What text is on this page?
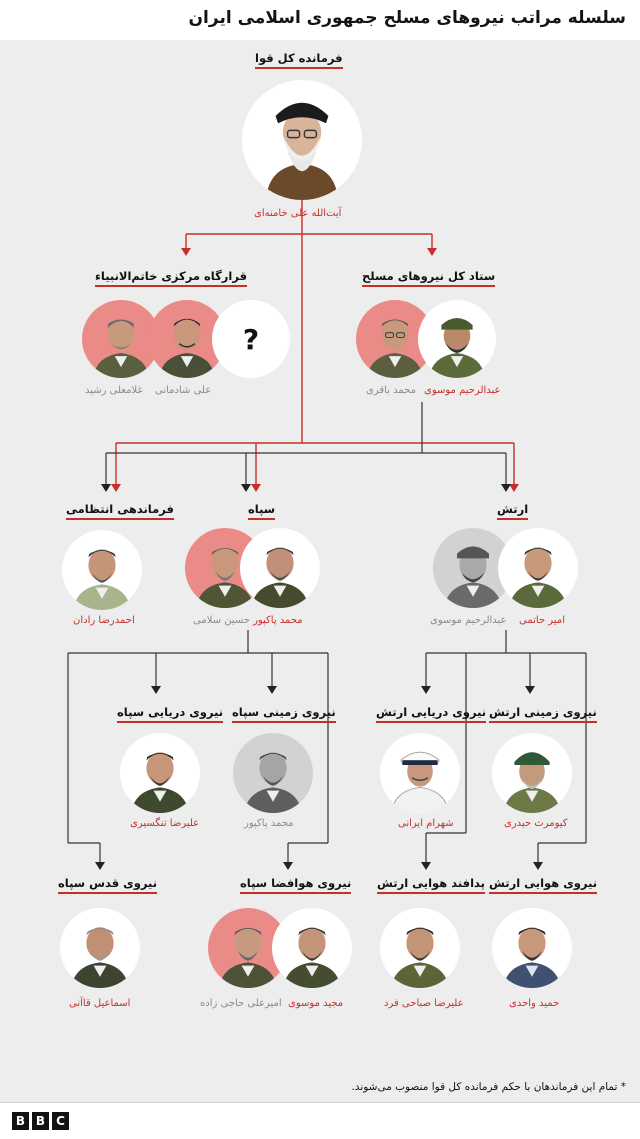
سلسله مراتب نیروهای مسلح جمهوری اسلامی ایران
فرمانده کل قوا
آیت‌الله علی خامنه‌ای
قرارگاه مرکزی خاتم‌الانبیاء
?
علی شادمانی
غلامعلی رشید
ستاد کل نیروهای مسلح
عبدالرحیم موسوی
محمد باقری
فرماندهی انتظامی
احمدرضا رادان
سپاه
محمد پاکپور
حسین سلامی
ارتش
امیر حاتمی
عبدالرحیم موسوی
نیروی دریایی سپاه
علیرضا تنگسیری
نیروی زمینی سپاه
محمد پاکپور
نیروی دریایی ارتش
شهرام ایرانی
نیروی زمینی ارتش
کیومرث حیدری
نیروی قدس سپاه
اسماعیل قاآنی
نیروی هوافضا سپاه
مجید موسوی
امیرعلی حاجی زاده
پدافند هوایی ارتش
علیرضا صباحی فرد
نیروی هوایی ارتش
حمید واحدی
* تمام این فرماندهان با حکم فرمانده کل قوا منصوب می‌شوند.
B B C
